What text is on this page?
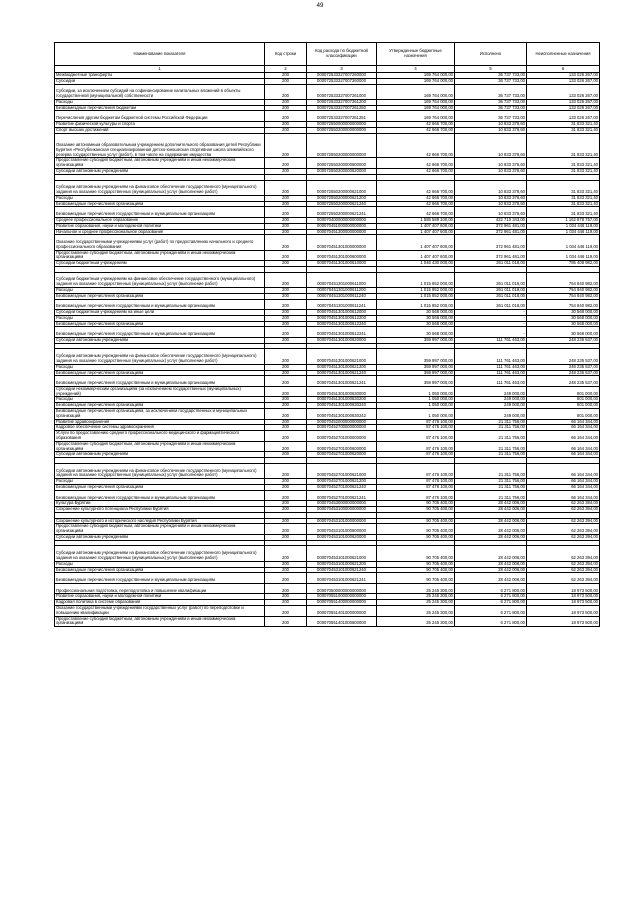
49
Наименование показателя	Код строки	Код расхода по бюджетной классификации	Утвержденные бюджетные назначения	Исполнено	Неисполненные назначения
1	2	3	4	5	6
Межбюджетные трансферты	200	000072533327007260000	169 764 000,00	36 737 733,00	133 026 267,00
Субсидии	200	000072533327007260000	169 764 000,00	36 737 733,00	133 026 267,00
Субсидии, за исключением субсидий на софинансирование капитальных вложений в объекты государственной (муниципальной) собственности	200	000072533327007261000	169 764 000,00	36 737 733,00	133 026 267,00
Расходы	200	000072533327007261200	169 764 000,00	36 737 733,00	133 026 267,00
Безвозмездные перечисления бюджетам	200	000072533327007261250	169 764 000,00	36 737 733,00	133 026 267,00
Перечисления другим бюджетам бюджетной системы Российской Федерации	200	000072533327007261251	169 764 000,00	36 737 733,00	133 026 267,00
Развитие физической культуры и спорта	200	000072550000000000000	42 666 700,00	10 833 378,60	31 833 321,40
Спорт высших достижений	200	000072550200000000000	42 666 700,00	10 833 378,60	31 833 321,40
Оказание автономным образовательным учреждением дополнительного образования детей Республики Бурятия «Республиканская специализированная детско-юношеская спортивная школа олимпийского резерва государственных услуг (работ), в том числе на содержание имущества	200	000072550200000000000	42 666 700,00	10 833 378,60	31 833 321,40
Предоставление субсидий бюджетным, автономным учреждениям и иным некоммерческим организациям	200	000072550200000600000	42 666 700,00	10 833 378,60	31 833 321,40
Субсидии автономным учреждениям	200	000072550200000620000	42 666 700,00	10 833 378,60	31 833 321,40

Субсидии автономным учреждениям на финансовое обеспечение государственного (муниципального) задания на оказание государственных (муниципальных) услуг (выполнение работ)	200	000072550200000621000	42 666 700,00	10 833 378,60	31 833 321,40
Расходы	200	000072550200000621200	42 666 700,00	10 833 378,60	31 833 321,40
Безвозмездные перечисления организациям	200	000072550200000621240	42 666 700,00	10 833 378,60	31 833 321,40
Безвозмездные перечисления государственным и муниципальным организациям	200	000072550200000621241	42 666 700,00	10 833 378,60	31 833 321,40
Среднее профессиональное образование	200	000070400000000000000	1 585 589 100,00	422 710 343,00	1 162 878 757,00
Развитие образования, науки и молодежной политики	200	000070451000000000000	1 407 407 600,00	372 961 481,00	1 034 446 119,00
Начальное и среднее профессиональное образование	200	000070451300000000000	1 407 407 600,00	372 961 481,00	1 034 446 119,00
Оказание государственными учреждениями услуг (работ) по предоставлению начального и среднего профессионального образования	200	000070451301000000000	1 407 407 600,00	372 961 481,00	1 034 446 119,00
Предоставление субсидий бюджетным, автономным учреждениям и иным некоммерческим организациям	200	000070451301000600000	1 407 407 600,00	372 961 481,00	1 034 446 119,00
Субсидии бюджетным учреждениям	200	000070451301000610000	1 046 430 000,00	261 011 018,00	785 408 982,00

Субсидии бюджетным учреждениям на финансовое обеспечение государственного (муниципального) задания на оказание государственных (муниципальных) услуг (выполнение работ)	200	000070451301000611000	1 015 852 000,00	261 011 018,00	754 840 982,00
Расходы	200	000070451301000611200	1 015 852 000,00	261 011 018,00	754 840 982,00
Безвозмездные перечисления организациям	200	000070451301000611240	1 015 852 000,00	261 011 018,00	754 840 982,00
Безвозмездные перечисления государственным и муниципальным организациям	200	000070451301000611241	1 015 852 000,00	261 011 018,00	754 840 982,00
Субсидии бюджетным учреждениям на иные цели	200	000070451301000612000	30 568 000,00	-	30 568 000,00
Расходы	200	000070451301000612200	30 568 000,00	-	30 568 000,00
Безвозмездные перечисления организациям	200	000070451301000612240	30 568 000,00	-	30 568 000,00
Безвозмездные перечисления государственным и муниципальным организациям	200	000070451301000612241	30 568 000,00	-	30 568 000,00
Субсидии автономным учреждениям	200	000070451301000620000	359 997 000,00	111 761 463,00	248 235 537,00

Субсидии автономным учреждениям на финансовое обеспечение государственного (муниципального) задания на оказание государственных (муниципальных) услуг (выполнение работ)	200	000070451301000621000	359 997 000,00	111 761 463,00	248 235 537,00
Расходы	200	000070451301000621200	359 997 000,00	111 761 463,00	248 235 537,00
Безвозмездные перечисления организациям	200	000070451301000621240	359 997 000,00	111 761 463,00	248 235 537,00
Безвозмездные перечисления государственным и муниципальным организациям	200	000070451301000621241	359 997 000,00	111 761 463,00	248 235 537,00
Субсидии некоммерческим организациям (за исключением государственных (муниципальных) учреждений)	200	000070451301000630000	1 050 000,00	249 000,00	801 000,00
Расходы	200	000070451301000630200	1 050 000,00	249 000,00	801 000,00
Безвозмездные перечисления организациям	200	000070451301000630240	1 050 000,00	249 000,00	801 000,00
Безвозмездные перечисления организациям, за исключением государственных и муниципальных организаций	200	000070451301000630242	1 050 000,00	249 000,00	801 000,00
Развитие здравоохранения	200	000070452000000000000	87 476 100,00	21 311 756,00	66 164 344,00
Кадровое обеспечение системы здравоохранения	200	000070452700000000000	87 476 100,00	21 311 756,00	66 164 344,00
Услуги по предоставлению среднего профессионального медицинского и фармацевтического образования	200	000070452701000000000	87 476 100,00	21 311 756,00	66 164 344,00
Предоставление субсидий бюджетным, автономным учреждениям и иным некоммерческим организациям	200	000070452701000600000	87 476 100,00	21 311 756,00	66 164 344,00
Субсидии автономным учреждениям	200	000070452701000620000	87 476 100,00	21 311 756,00	66 164 344,00

Субсидии автономным учреждениям на финансовое обеспечение государственного (муниципального) задания на оказание государственных (муниципальных) услуг (выполнение работ)	200	000070452701000621000	87 476 100,00	21 311 756,00	66 164 344,00
Расходы	200	000070452701000621200	87 476 100,00	21 311 756,00	66 164 344,00
Безвозмездные перечисления организациям	200	000070452701000621240	87 476 100,00	21 311 756,00	66 164 344,00
Безвозмездные перечисления государственным и муниципальным организациям	200	000070452701000621241	87 476 100,00	21 311 756,00	66 164 344,00
Культура Бурятии	200	000070453000000000000	90 705 400,00	28 442 006,00	62 263 394,00
Сохранение культурного потенциала Республики Бурятия	200	000070453100000000000	90 705 400,00	28 442 006,00	62 263 394,00

Сохранение культурного и исторического наследия Республики Бурятия	200	000070453101000000000	90 705 400,00	28 442 006,00	62 263 394,00
Предоставление субсидий бюджетным, автономным учреждениям и иным некоммерческим организациям	200	000070453101000600000	90 705 400,00	28 442 006,00	62 263 394,00
Субсидии автономным учреждениям	200	000070453101000620000	90 705 400,00	28 442 006,00	62 263 394,00

Субсидии автономным учреждениям на финансовое обеспечение государственного (муниципального) задания на оказание государственных (муниципальных) услуг (выполнение работ)	200	000070453101000621000	90 705 400,00	28 442 006,00	62 263 394,00
Расходы	200	000070453101000621200	90 705 400,00	28 442 006,00	62 263 394,00
Безвозмездные перечисления организациям	200	000070453101000621240	90 705 400,00	28 442 006,00	62 263 394,00
Безвозмездные перечисления государственным и муниципальным организациям	200	000070453101000621241	90 705 400,00	28 442 006,00	62 263 394,00
Профессиональная подготовка, переподготовка и повышение квалификации	200	000070500000000000000	25 245 300,00	6 271 800,00	18 973 500,00
Развитие образования, науки и молодежной политики	200	000070551000000000000	25 245 300,00	6 271 800,00	18 973 500,00
Кадровая политика в системе образования	200	000070551400000000000	25 245 300,00	6 271 800,00	18 973 500,00
Оказание государственными учреждениями государственных услуг (работ) по переподготовке и повышению квалификации	200	000070551401000000000	25 245 300,00	6 271 800,00	18 973 500,00
Предоставление субсидий бюджетным, автономным учреждениям и иным некоммерческим организациям	200	000070551401000600000	25 245 300,00	6 271 800,00	18 973 500,00
